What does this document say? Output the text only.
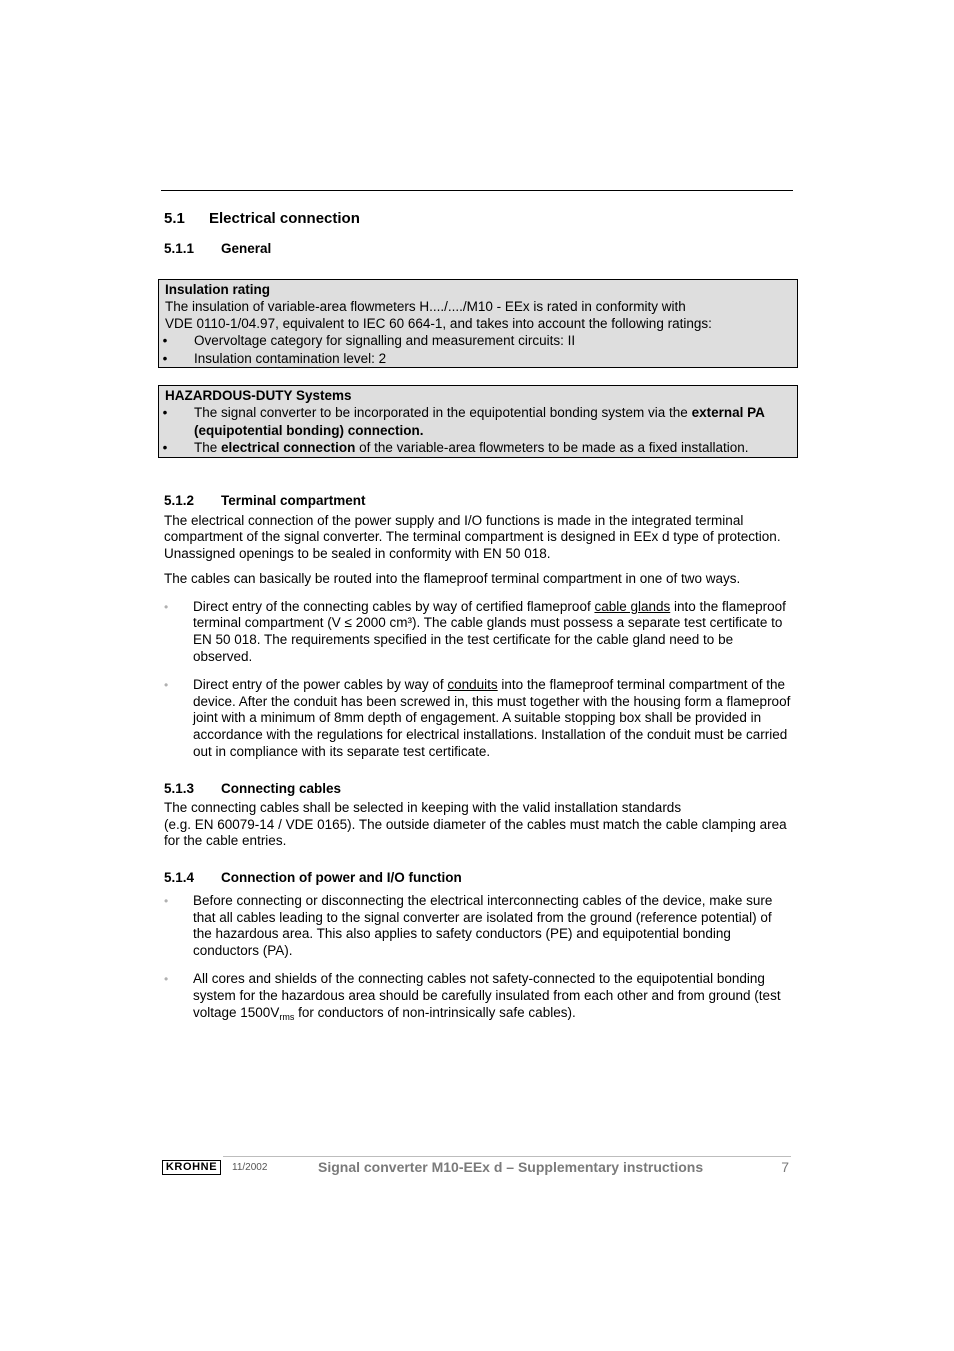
5.1 Electrical connection
5.1.1 General
Insulation rating
The insulation of variable-area flowmeters H..../..../M10 - EEx is rated in conformity with
VDE 0110-1/04.97, equivalent to IEC 60 664-1, and takes into account the following ratings:
• Overvoltage category for signalling and measurement circuits: II
• Insulation contamination level: 2
HAZARDOUS-DUTY Systems
• The signal converter to be incorporated in the equipotential bonding system via the external PA (equipotential bonding) connection.
• The electrical connection of the variable-area flowmeters to be made as a fixed installation.
5.1.2 Terminal compartment

The electrical connection of the power supply and I/O functions is made in the integrated terminal compartment of the signal converter. The terminal compartment is designed in EEx d type of protection. Unassigned openings to be sealed in conformity with EN 50 018.

The cables can basically be routed into the flameproof terminal compartment in one of two ways.

• Direct entry of the connecting cables by way of certified flameproof cable glands into the flameproof terminal compartment (V ≤ 2000 cm³). The cable glands must possess a separate test certificate to EN 50 018. The requirements specified in the test certificate for the cable gland need to be observed.
• Direct entry of the power cables by way of conduits into the flameproof terminal compartment of the device. After the conduit has been screwed in, this must together with the housing form a flameproof joint with a minimum of 8mm depth of engagement. A suitable stopping box shall be provided in accordance with the regulations for electrical installations. Installation of the conduit must be carried out in compliance with its separate test certificate.
5.1.3 Connecting cables
The connecting cables shall be selected in keeping with the valid installation standards
(e.g. EN 60079-14 / VDE 0165). The outside diameter of the cables must match the cable clamping area for the cable entries.
5.1.4 Connection of power and I/O function
• Before connecting or disconnecting the electrical interconnecting cables of the device, make sure that all cables leading to the signal converter are isolated from the ground (reference potential) of the hazardous area. This also applies to safety conductors (PE) and equipotential bonding conductors (PA).
• All cores and shields of the connecting cables not safety-connected to the equipotential bonding system for the hazardous area should be carefully insulated from each other and from ground (test voltage $1500V_{rms}$ for conductors of non-intrinsically safe cables).
KROHNE	11/2002	Signal converter M10-EEx d – Supplementary instructions	7
